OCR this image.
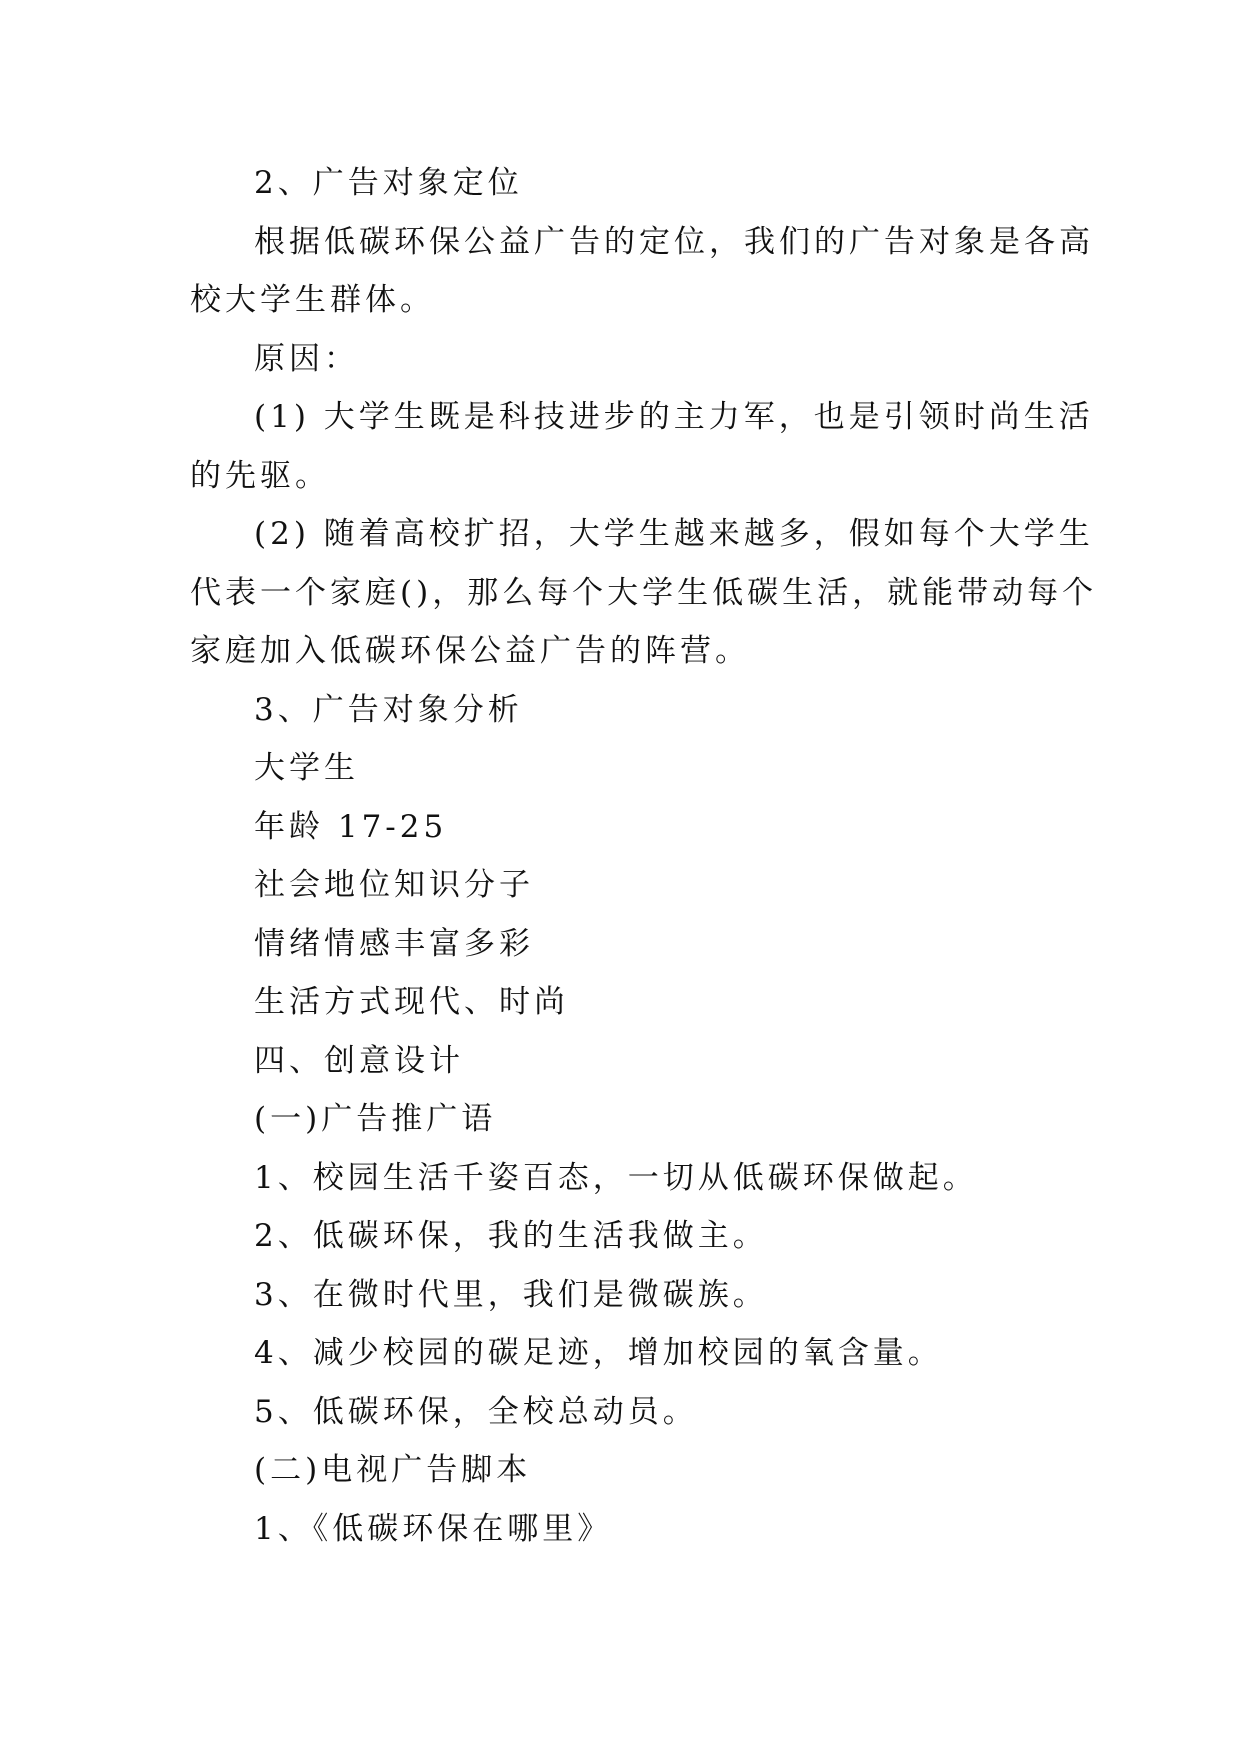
2、广告对象定位
根据低碳环保公益广告的定位，我们的广告对象是各高
校大学生群体。
原因：
(1) 大学生既是科技进步的主力军，也是引领时尚生活
的先驱。
(2) 随着高校扩招，大学生越来越多，假如每个大学生
代表一个家庭()，那么每个大学生低碳生活，就能带动每个
家庭加入低碳环保公益广告的阵营。
3、广告对象分析
大学生
年龄 17-25
社会地位知识分子
情绪情感丰富多彩
生活方式现代、时尚
四、创意设计
(一)广告推广语
1、校园生活千姿百态，一切从低碳环保做起。
2、低碳环保，我的生活我做主。
3、在微时代里，我们是微碳族。
4、减少校园的碳足迹，增加校园的氧含量。
5、低碳环保，全校总动员。
(二)电视广告脚本
1、《低碳环保在哪里》
